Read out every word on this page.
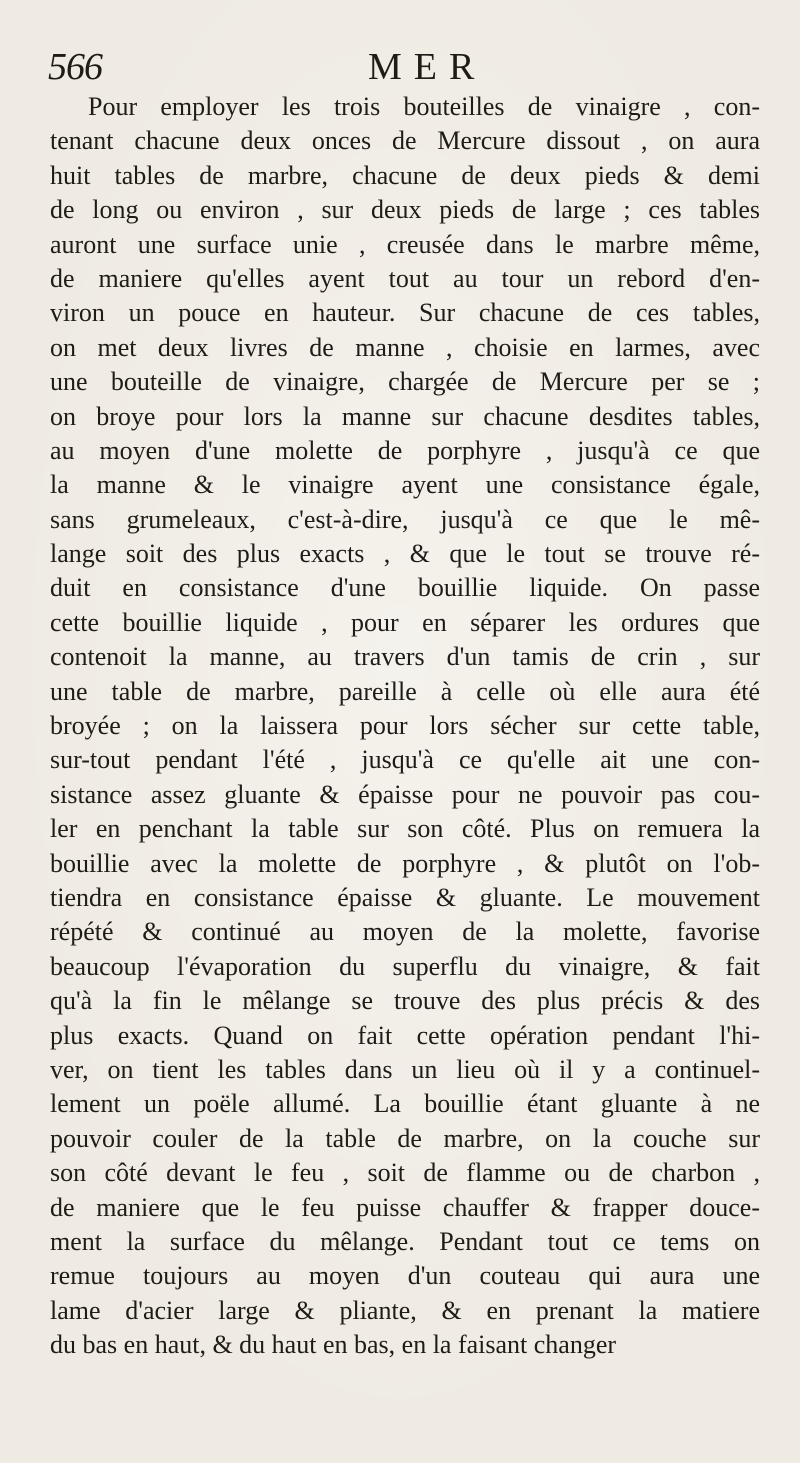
566	MER
Pour employer les trois bouteilles de vinaigre , con-
tenant chacune deux onces de Mercure dissout , on aura
huit tables de marbre, chacune de deux pieds & demi
de long ou environ , sur deux pieds de large ; ces tables
auront une surface unie , creusée dans le marbre même,
de maniere qu'elles ayent tout au tour un rebord d'en-
viron un pouce en hauteur. Sur chacune de ces tables,
on met deux livres de manne , choisie en larmes, avec
une bouteille de vinaigre, chargée de Mercure per se ;
on broye pour lors la manne sur chacune desdites tables,
au moyen d'une molette de porphyre , jusqu'à ce que
la manne & le vinaigre ayent une consistance égale,
sans grumeleaux, c'est-à-dire, jusqu'à ce que le mê-
lange soit des plus exacts , & que le tout se trouve ré-
duit en consistance d'une bouillie liquide. On passe
cette bouillie liquide , pour en séparer les ordures que
contenoit la manne, au travers d'un tamis de crin , sur
une table de marbre, pareille à celle où elle aura été
broyée ; on la laissera pour lors sécher sur cette table,
sur-tout pendant l'été , jusqu'à ce qu'elle ait une con-
sistance assez gluante & épaisse pour ne pouvoir pas cou-
ler en penchant la table sur son côté. Plus on remuera la
bouillie avec la molette de porphyre , & plutôt on l'ob-
tiendra en consistance épaisse & gluante. Le mouvement
répété & continué au moyen de la molette, favorise
beaucoup l'évaporation du superflu du vinaigre, & fait
qu'à la fin le mêlange se trouve des plus précis & des
plus exacts. Quand on fait cette opération pendant l'hi-
ver, on tient les tables dans un lieu où il y a continuel-
lement un poële allumé. La bouillie étant gluante à ne
pouvoir couler de la table de marbre, on la couche sur
son côté devant le feu , soit de flamme ou de charbon ,
de maniere que le feu puisse chauffer & frapper douce-
ment la surface du mêlange. Pendant tout ce tems on
remue toujours au moyen d'un couteau qui aura une
lame d'acier large & pliante, & en prenant la matiere
du bas en haut, & du haut en bas, en la faisant changer
